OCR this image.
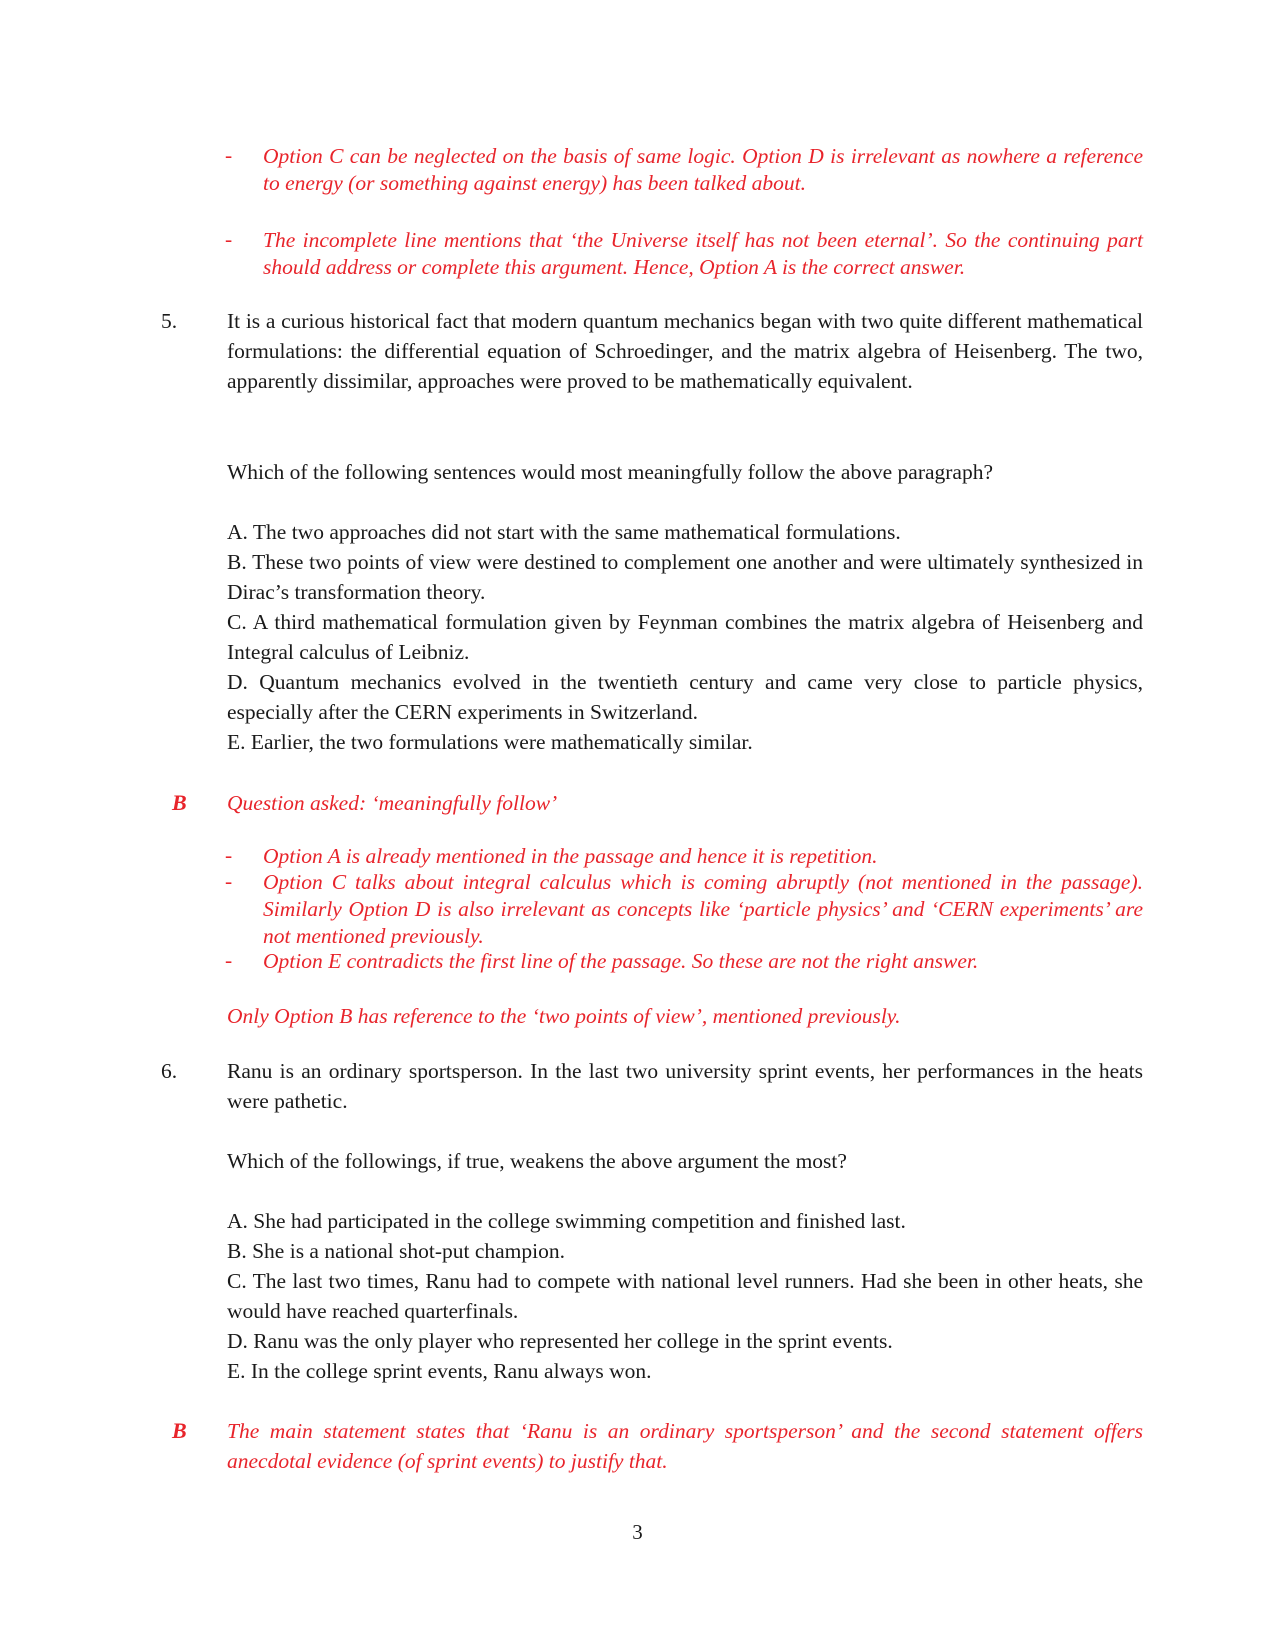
- Option C can be neglected on the basis of same logic. Option D is irrelevant as nowhere a reference to energy (or something against energy) has been talked about.
- The incomplete line mentions that ‘the Universe itself has not been eternal’. So the continuing part should address or complete this argument. Hence, Option A is the correct answer.
5. It is a curious historical fact that modern quantum mechanics began with two quite different mathematical formulations: the differential equation of Schroedinger, and the matrix algebra of Heisenberg. The two, apparently dissimilar, approaches were proved to be mathematically equivalent.

Which of the following sentences would most meaningfully follow the above paragraph?

A. The two approaches did not start with the same mathematical formulations.
B. These two points of view were destined to complement one another and were ultimately synthesized in Dirac’s transformation theory.
C. A third mathematical formulation given by Feynman combines the matrix algebra of Heisenberg and Integral calculus of Leibniz.
D. Quantum mechanics evolved in the twentieth century and came very close to particle physics, especially after the CERN experiments in Switzerland.
E. Earlier, the two formulations were mathematically similar.
B Question asked: ‘meaningfully follow’
- Option A is already mentioned in the passage and hence it is repetition.
- Option C talks about integral calculus which is coming abruptly (not mentioned in the passage). Similarly Option D is also irrelevant as concepts like ‘particle physics’ and ‘CERN experiments’ are not mentioned previously.
- Option E contradicts the first line of the passage. So these are not the right answer.
Only Option B has reference to the ‘two points of view’, mentioned previously.
6. Ranu is an ordinary sportsperson. In the last two university sprint events, her performances in the heats were pathetic.

Which of the followings, if true, weakens the above argument the most?

A. She had participated in the college swimming competition and finished last.
B. She is a national shot-put champion.
C. The last two times, Ranu had to compete with national level runners. Had she been in other heats, she would have reached quarterfinals.
D. Ranu was the only player who represented her college in the sprint events.
E. In the college sprint events, Ranu always won.
B The main statement states that ‘Ranu is an ordinary sportsperson’ and the second statement offers anecdotal evidence (of sprint events) to justify that.
3
